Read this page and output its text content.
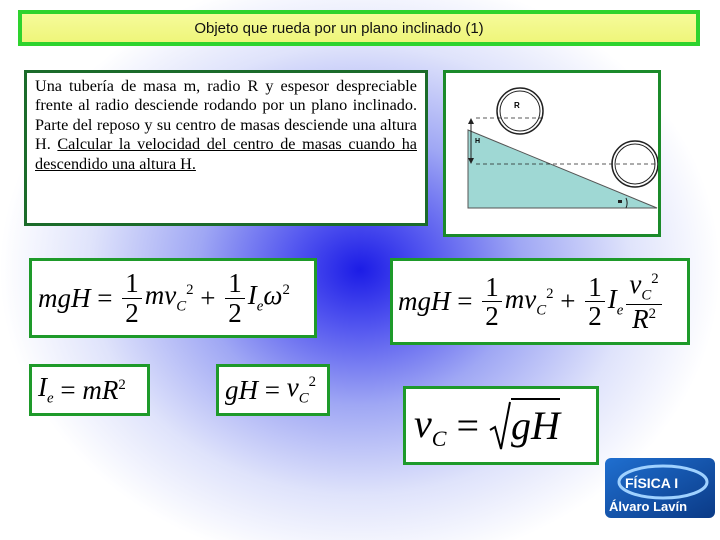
Objeto que rueda por un plano inclinado (1)
Una tubería de masa m, radio R y espesor despreciable frente al radio desciende rodando por un plano inclinado. Parte del reposo y su centro de masas desciende una altura H. Calcular la velocidad del centro de masas cuando ha descendido una altura H.
H
R
mgH
=
$\frac{1}{2} mv_C^2$
+
$\frac{1}{2} I_e\omega^2$	mgH
=
$\frac{1}{2} mv_C^2$
+
$\frac{1}{2} I_e \frac{v_C^2}{R^2}$
$I_e$
=
$mR^2$	gH
=
$v_C^2$
$v_C$
=
gH
FÍSICA I
Álvaro Lavín
